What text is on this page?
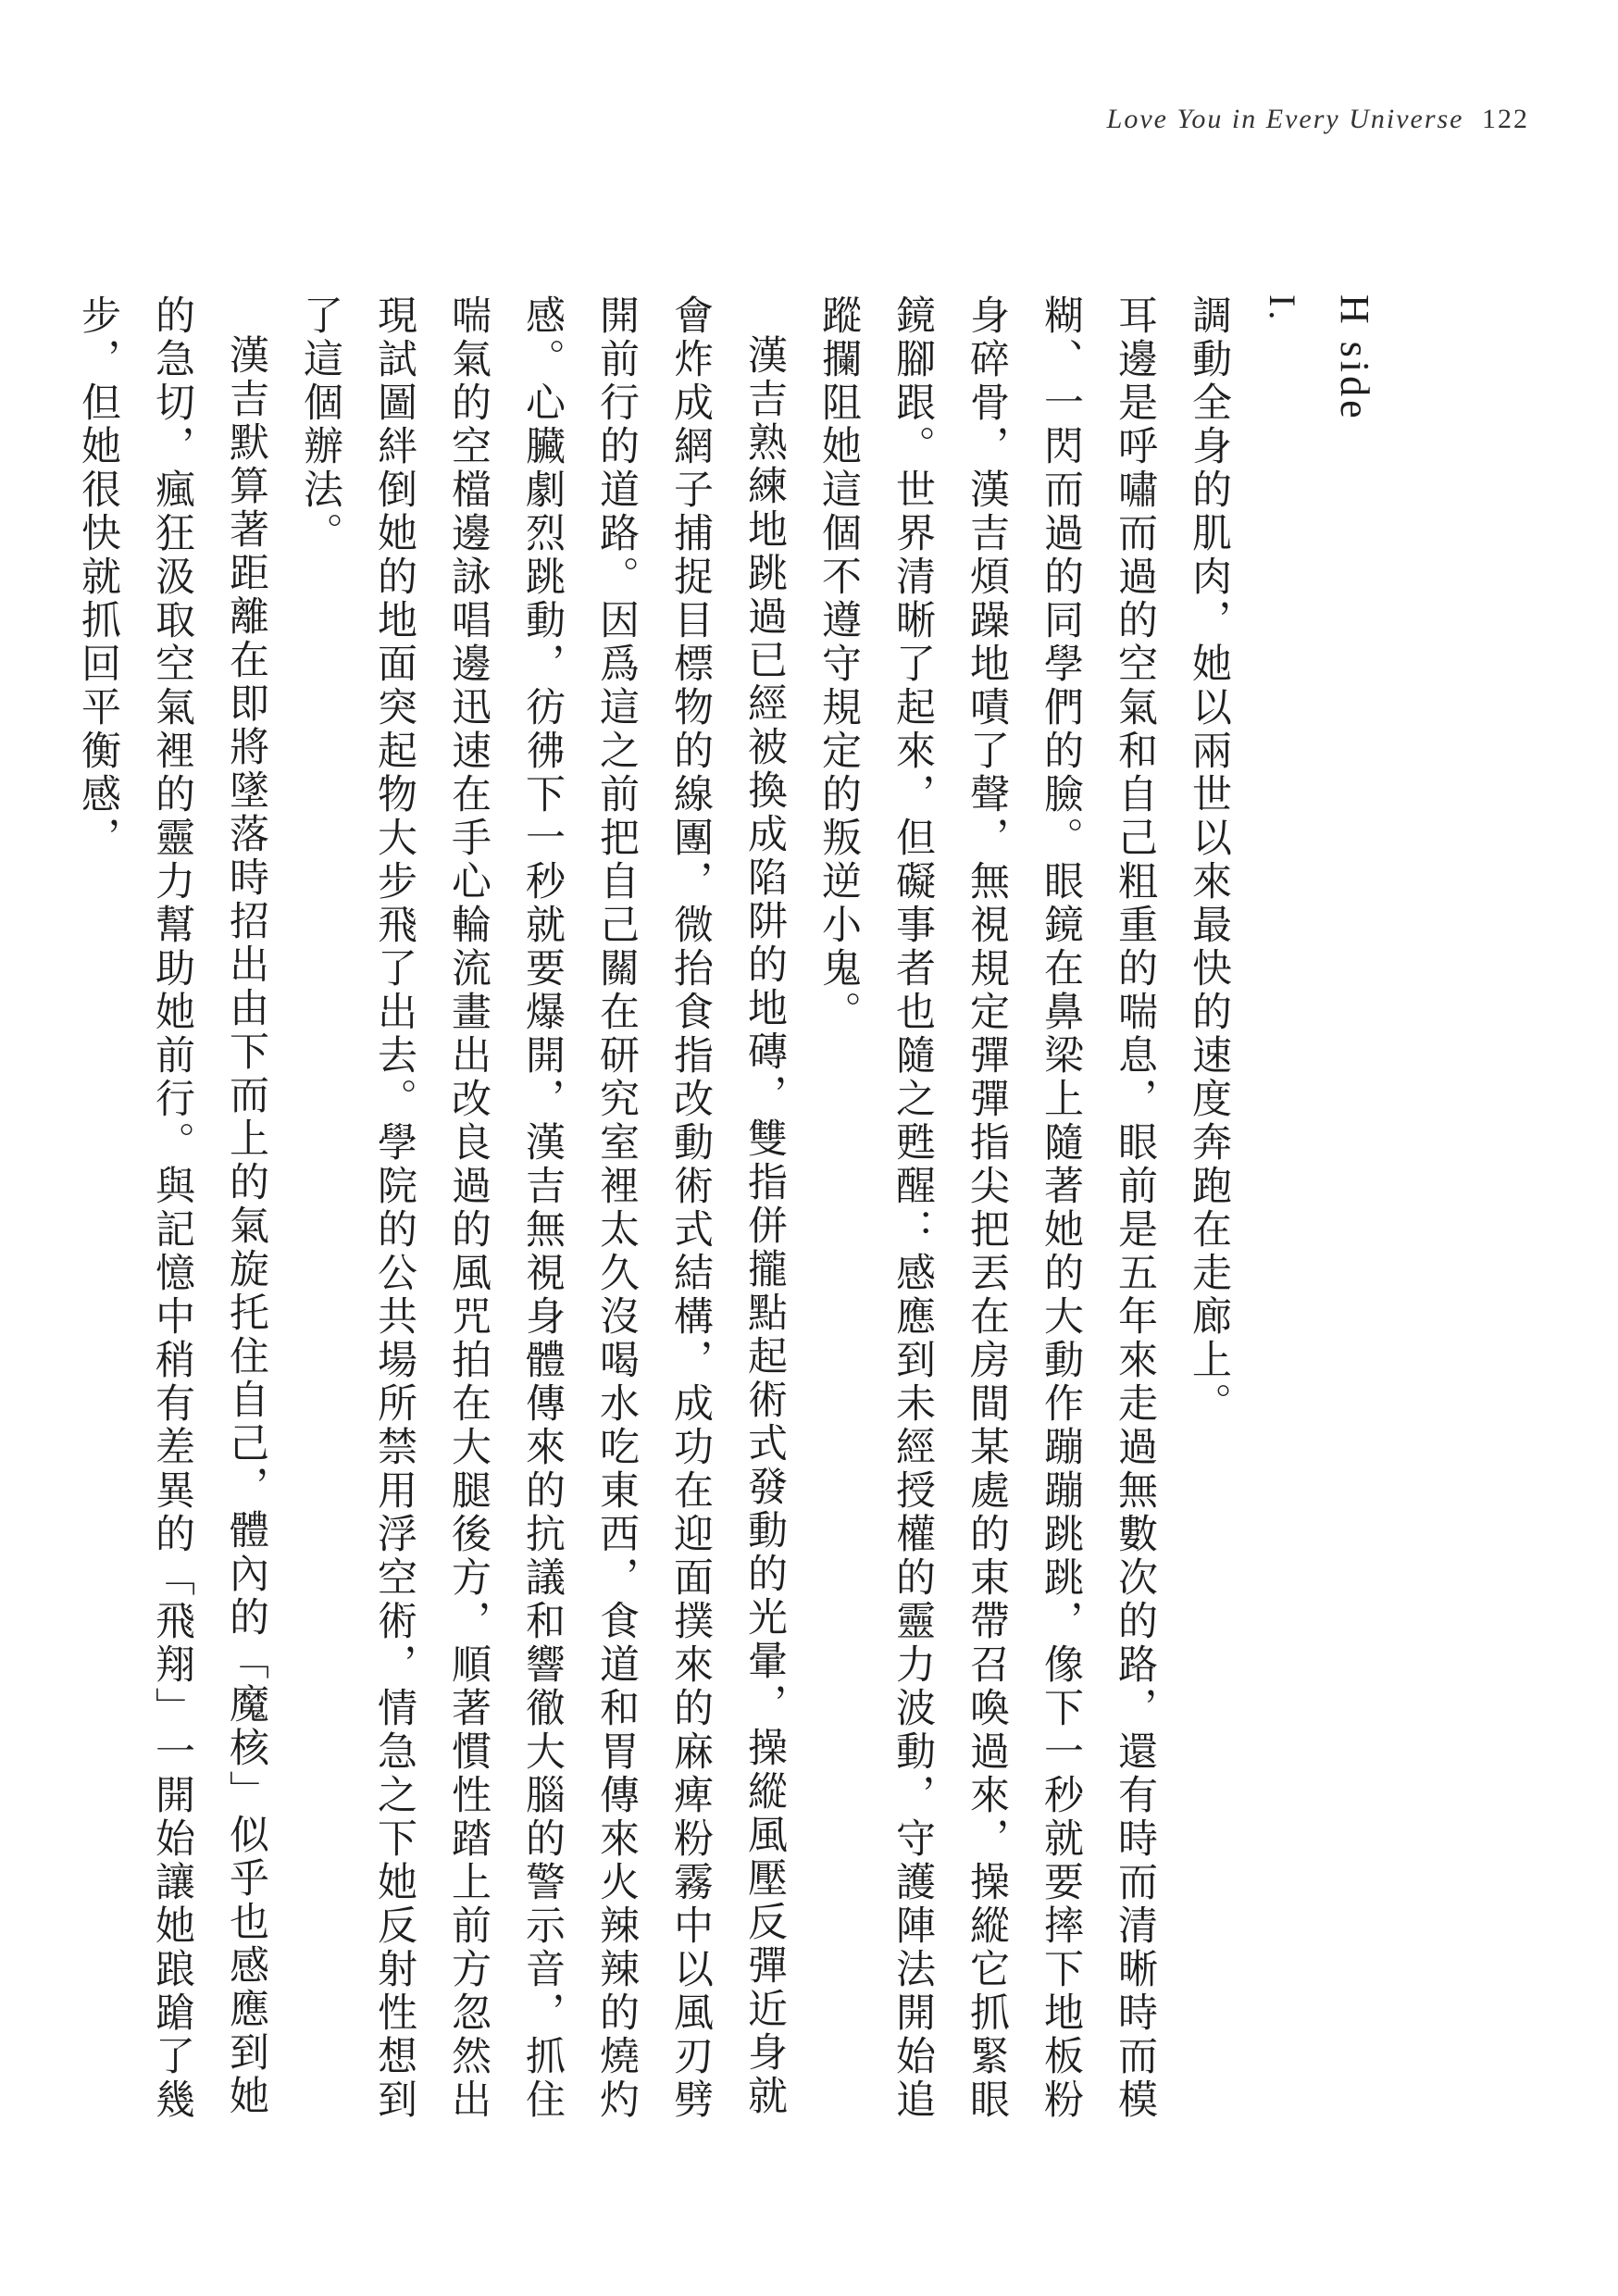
Love You in Every Universe 122
H side

I.

調動全身的肌肉，她以兩世以來最快的速度奔跑在走廊上。

耳邊是呼嘯而過的空氣和自己粗重的喘息，眼前是五年來走過無數次的路，還有時而清晰時而模糊、一閃而過的同學們的臉。眼鏡在鼻梁上隨著她的大動作蹦蹦跳跳，像下一秒就要摔下地板粉身碎骨，漢吉煩躁地嘖了聲，無視規定彈彈指尖把丟在房間某處的束帶召喚過來，操縱它抓緊眼鏡腳跟。世界清晰了起來，但礙事者也隨之甦醒：感應到未經授權的靈力波動，守護陣法開始追蹤攔阻她這個不遵守規定的叛逆小鬼。

漢吉熟練地跳過已經被換成陷阱的地磚，雙指併攏點起術式發動的光暈，操縱風壓反彈近身就會炸成網子捕捉目標物的線團，微抬食指改動術式結構，成功在迎面撲來的麻痺粉霧中以風刃劈開前行的道路。因爲這之前把自己關在研究室裡太久沒喝水吃東西，食道和胃傳來火辣辣的燒灼感。心臟劇烈跳動，彷彿下一秒就要爆開，漢吉無視身體傳來的抗議和響徹大腦的警示音，抓住喘氣的空檔邊詠唱邊迅速在手心輪流畫出改良過的風咒拍在大腿後方，順著慣性踏上前方忽然出現試圖絆倒她的地面突起物大步飛了出去。學院的公共場所禁用浮空術，情急之下她反射性想到了這個辦法。

漢吉默算著距離在即將墜落時招出由下而上的氣旋托住自己，體內的「魔核」似乎也感應到她的急切，瘋狂汲取空氣裡的靈力幫助她前行。與記憶中稍有差異的「飛翔」一開始讓她踉蹌了幾步，但她很快就抓回平衡感，
